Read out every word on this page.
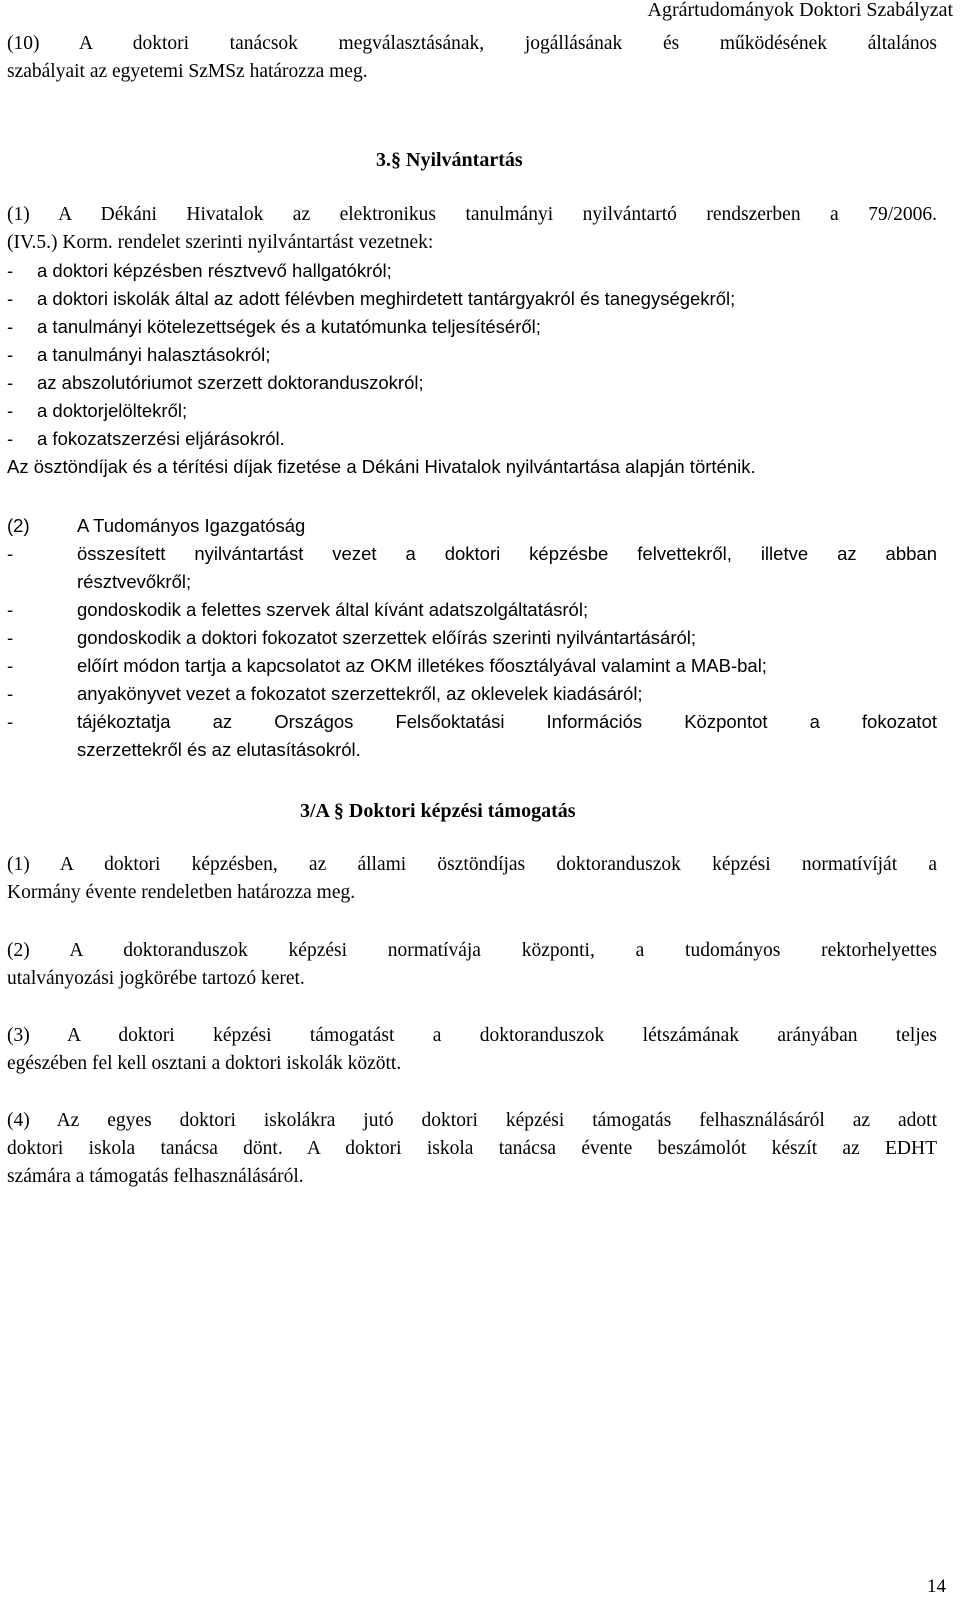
Agrártudományok Doktori Szabályzat
(10) A doktori tanácsok megválasztásának, jogállásának és működésének általános
szabályait az egyetemi SzMSz határozza meg.
3.§ Nyilvántartás
(1) A Dékáni Hivatalok az elektronikus tanulmányi nyilvántartó rendszerben a 79/2006.
(IV.5.) Korm. rendelet szerinti nyilvántartást vezetnek:
- a doktori képzésben résztvevő hallgatókról;
- a doktori iskolák által az adott félévben meghirdetett tantárgyakról és tanegységekről;
- a tanulmányi kötelezettségek és a kutatómunka teljesítéséről;
- a tanulmányi halasztásokról;
- az abszolutóriumot szerzett doktoranduszokról;
- a doktorjelöltekről;
- a fokozatszerzési eljárásokról.
Az ösztöndíjak és a térítési díjak fizetése a Dékáni Hivatalok nyilvántartása alapján történik.
(2)	A Tudományos Igazgatóság
-	összesített nyilvántartást vezet a doktori képzésbe felvettekről, illetve az abban
résztvevőkről;
-	gondoskodik a felettes szervek által kívánt adatszolgáltatásról;
-	gondoskodik a doktori fokozatot szerzettek előírás szerinti nyilvántartásáról;
-	előírt módon tartja a kapcsolatot az OKM illetékes főosztályával valamint a MAB-bal;
-	anyakönyvet vezet a fokozatot szerzettekről, az oklevelek kiadásáról;
-	tájékoztatja az Országos Felsőoktatási Információs Központot a fokozatot
szerzettekről és az elutasításokról.
3/A § Doktori képzési támogatás
(1) A doktori képzésben, az állami ösztöndíjas doktoranduszok képzési normatívíját a
Kormány évente rendeletben határozza meg.
(2) A doktoranduszok képzési normatívája központi, a tudományos rektorhelyettes
utalványozási jogkörébe tartozó keret.
(3) A doktori képzési támogatást a doktoranduszok létszámának arányában teljes
egészében fel kell osztani a doktori iskolák között.
(4) Az egyes doktori iskolákra jutó doktori képzési támogatás felhasználásáról az adott
doktori iskola tanácsa dönt. A doktori iskola tanácsa évente beszámolót készít az EDHT
számára a támogatás felhasználásáról.
14
